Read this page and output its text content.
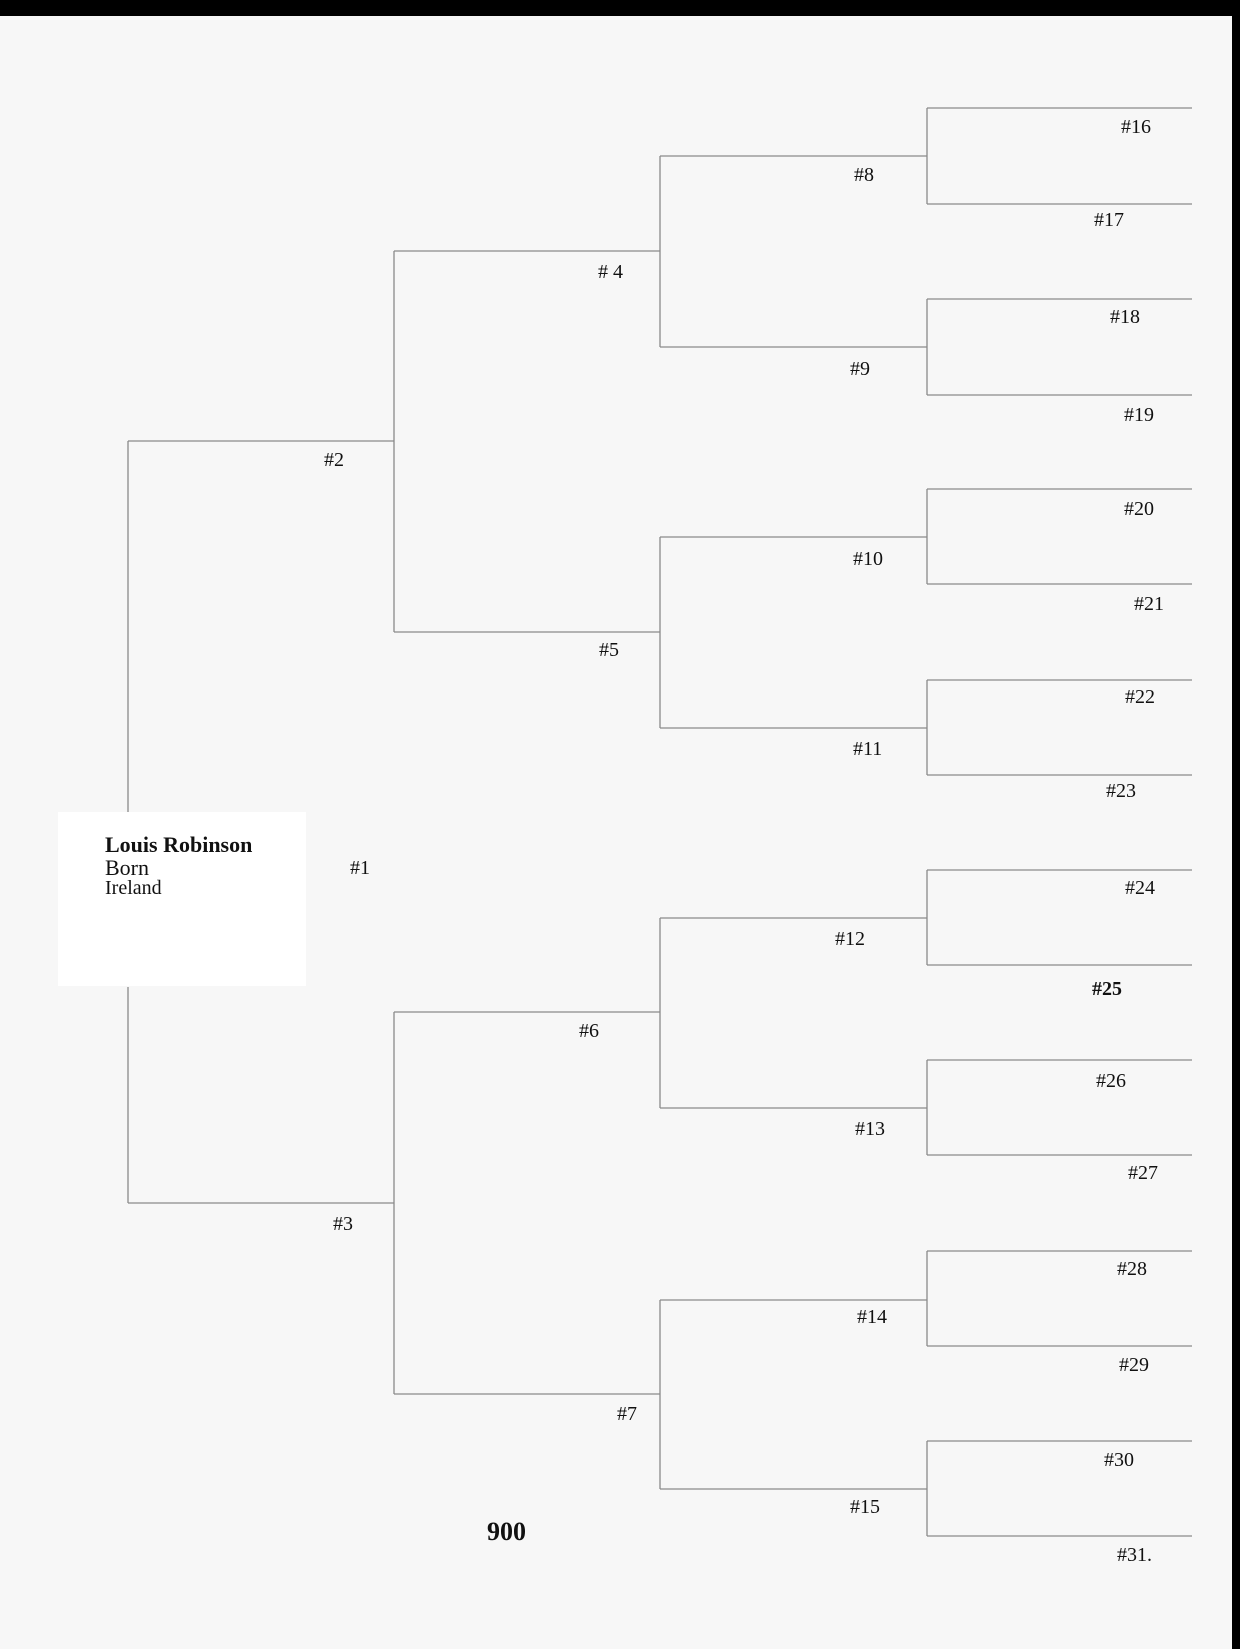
Louis Robinson
Born
Ireland
#1
#2
#3
# 4
#5
#6
#7
#8
#9
#10
#11
#12
#13
#14
#15
#16
#17
#18
#19
#20
#21
#22
#23
#24
#25
#26
#27
#28
#29
#30
#31.
900
